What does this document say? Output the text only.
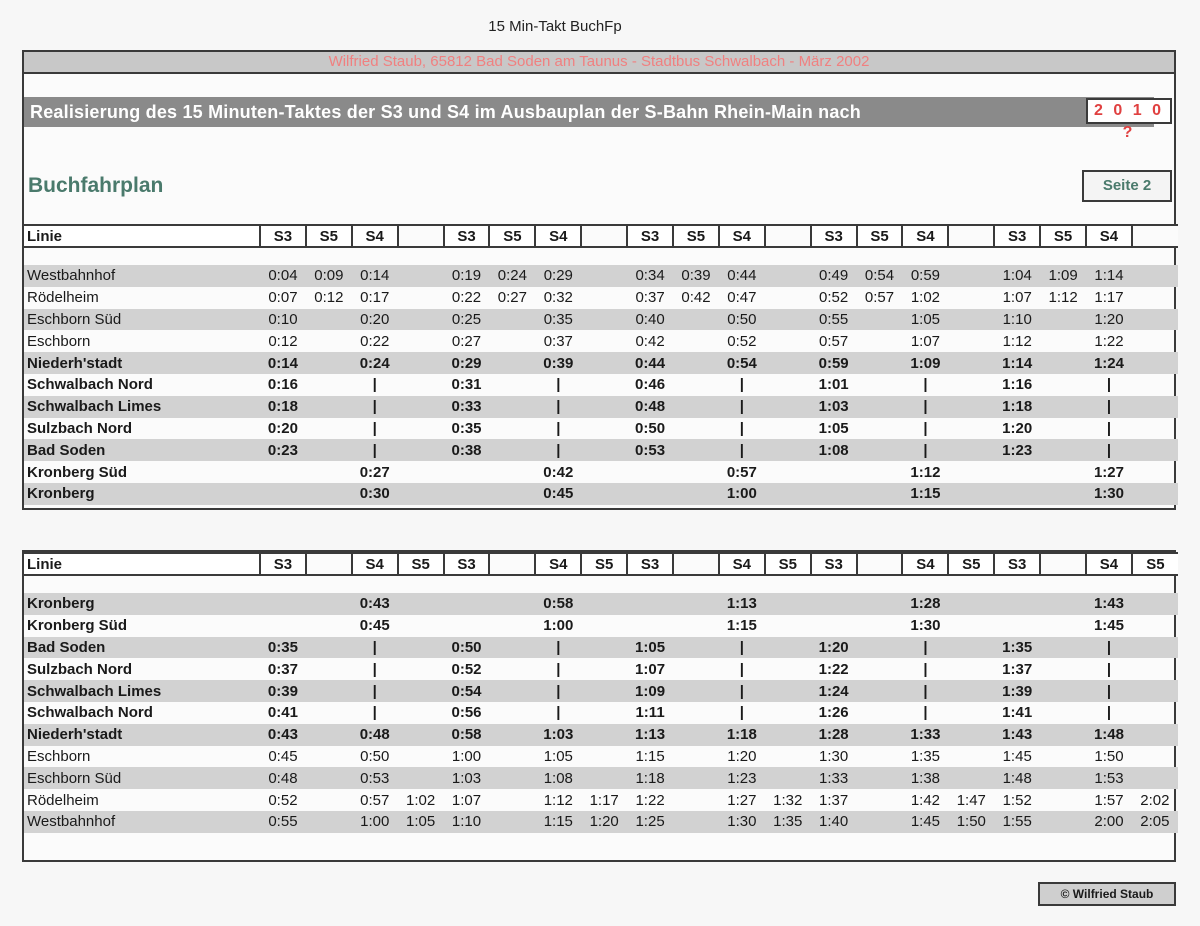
15 Min-Takt BuchFp
Wilfried Staub, 65812 Bad Soden am Taunus - Stadtbus Schwalbach - März 2002
Realisierung des 15 Minuten-Taktes der S3 und S4 im Ausbauplan der S-Bahn Rhein-Main nach	2 0 1 0 ?
Buchfahrplan	Seite 2
Linie	S3	S5	S4		S3	S5	S4		S3	S5	S4		S3	S5	S4		S3	S5	S4	

Westbahnhof	0:04	0:09	0:14		0:19	0:24	0:29		0:34	0:39	0:44		0:49	0:54	0:59		1:04	1:09	1:14	
Rödelheim	0:07	0:12	0:17		0:22	0:27	0:32		0:37	0:42	0:47		0:52	0:57	1:02		1:07	1:12	1:17	
Eschborn Süd	0:10		0:20		0:25		0:35		0:40		0:50		0:55		1:05		1:10		1:20	
Eschborn	0:12		0:22		0:27		0:37		0:42		0:52		0:57		1:07		1:12		1:22	
Niederh'stadt	0:14		0:24		0:29		0:39		0:44		0:54		0:59		1:09		1:14		1:24	
Schwalbach Nord	0:16		|		0:31		|		0:46		|		1:01		|		1:16		|	
Schwalbach Limes	0:18		|		0:33		|		0:48		|		1:03		|		1:18		|	
Sulzbach Nord	0:20		|		0:35		|		0:50		|		1:05		|		1:20		|	
Bad Soden	0:23		|		0:38		|		0:53		|		1:08		|		1:23		|	
Kronberg Süd			0:27				0:42				0:57				1:12				1:27	
Kronberg			0:30				0:45				1:00				1:15				1:30	

Linie	S3		S4	S5	S3		S4	S5	S3		S4	S5	S3		S4	S5	S3		S4	S5

Kronberg			0:43				0:58				1:13				1:28				1:43	
Kronberg Süd			0:45				1:00				1:15				1:30				1:45	
Bad Soden	0:35		|		0:50		|		1:05		|		1:20		|		1:35		|	
Sulzbach Nord	0:37		|		0:52		|		1:07		|		1:22		|		1:37		|	
Schwalbach Limes	0:39		|		0:54		|		1:09		|		1:24		|		1:39		|	
Schwalbach Nord	0:41		|		0:56		|		1:11		|		1:26		|		1:41		|	
Niederh'stadt	0:43		0:48		0:58		1:03		1:13		1:18		1:28		1:33		1:43		1:48	
Eschborn	0:45		0:50		1:00		1:05		1:15		1:20		1:30		1:35		1:45		1:50	
Eschborn Süd	0:48		0:53		1:03		1:08		1:18		1:23		1:33		1:38		1:48		1:53	
Rödelheim	0:52		0:57	1:02	1:07		1:12	1:17	1:22		1:27	1:32	1:37		1:42	1:47	1:52		1:57	2:02
Westbahnhof	0:55		1:00	1:05	1:10		1:15	1:20	1:25		1:30	1:35	1:40		1:45	1:50	1:55		2:00	2:05

© Wilfried Staub
